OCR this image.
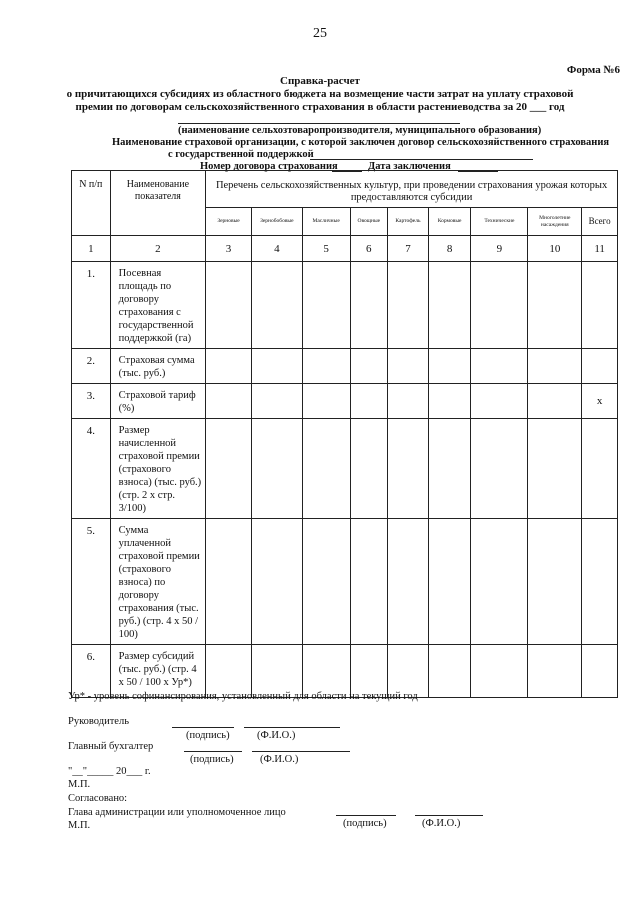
25
Форма №6
Справка-расчет
о причитающихся субсидиях из областного бюджета на возмещение части затрат на уплату страховой
премии по договорам сельскохозяйственного страхования в области растениеводства за 20 ___ год
(наименование сельхозтоваропроизводителя, муниципального образования)
Наименование страховой организации, с которой заключен договор сельскохозяйственного страхования
с государственной поддержкой
Номер договора страхования	Дата заключения
N п/п	Наименование показателя	Перечень сельскохозяйственных культур, при проведении страхования урожая которых предоставляются субсидии								
		Зерновые	Зернобобовые	Масличные	Овощные	Картофель	Кормовые	Технические	Многолетние насаждения	Всего
1	2	3	4	5	6	7	8	9	10	11
1.	Посевная площадь по договору страхования с государственной поддержкой (га)									
2.	Страховая сумма (тыс. руб.)									
3.	Страховой тариф (%)									x
4.	Размер начисленной страховой премии (страхового взноса) (тыс. руб.) (стр. 2 x стр. 3/100)									
5.	Сумма уплаченной страховой премии (страхового взноса) по договору страхования (тыс. руб.) (стр. 4 x 50 / 100)									
6.	Размер субсидий (тыс. руб.) (стр. 4 x 50 / 100 x Ур*)									
Ур* - уровень софинансирования, установленный для области на текущий год
Руководитель
(подпись)	(Ф.И.О.)
Главный бухгалтер
(подпись)	(Ф.И.О.)
"__"_____ 20___ г.
М.П.
Согласовано:
Глава администрации или уполномоченное лицо
М.П.	(подпись)	(Ф.И.О.)
